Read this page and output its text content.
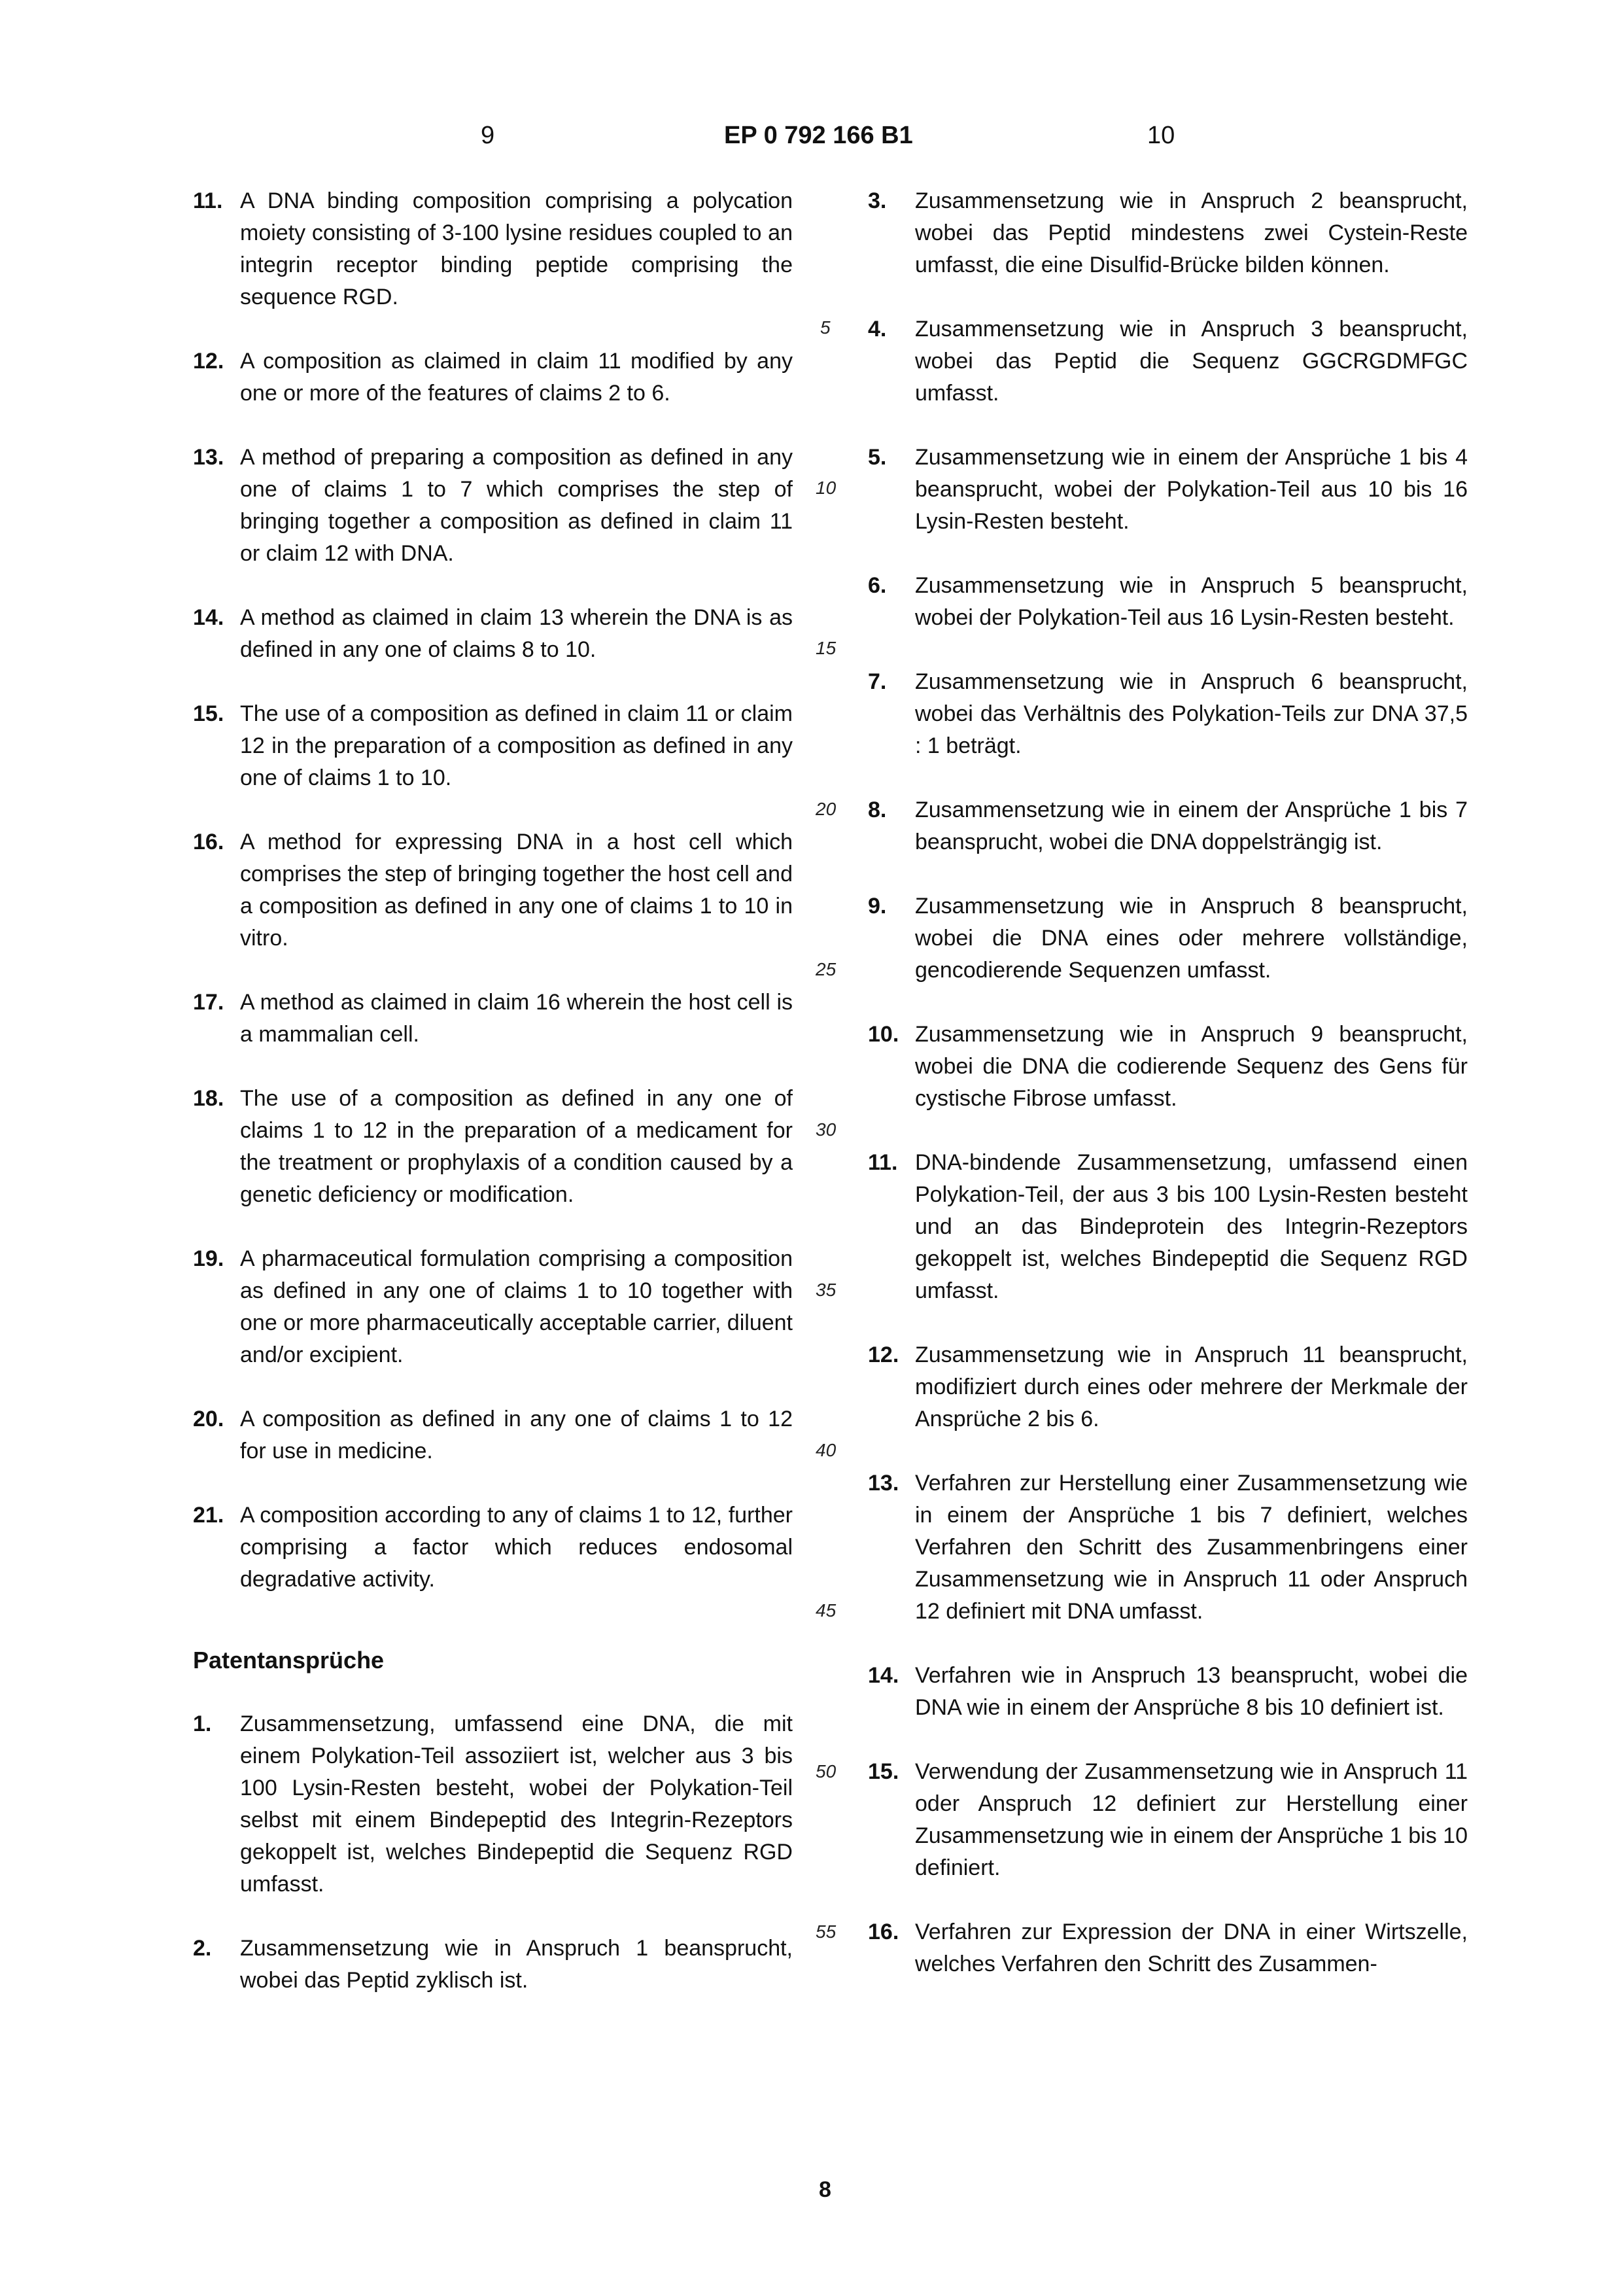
9	EP 0 792 166 B1	10
11. A DNA binding composition comprising a polycation moiety consisting of 3-100 lysine residues coupled to an integrin receptor binding peptide comprising the sequence RGD.
12. A composition as claimed in claim 11 modified by any one or more of the features of claims 2 to 6.
13. A method of preparing a composition as defined in any one of claims 1 to 7 which comprises the step of bringing together a composition as defined in claim 11 or claim 12 with DNA.
14. A method as claimed in claim 13 wherein the DNA is as defined in any one of claims 8 to 10.
15. The use of a composition as defined in claim 11 or claim 12 in the preparation of a composition as defined in any one of claims 1 to 10.
16. A method for expressing DNA in a host cell which comprises the step of bringing together the host cell and a composition as defined in any one of claims 1 to 10 in vitro.
17. A method as claimed in claim 16 wherein the host cell is a mammalian cell.
18. The use of a composition as defined in any one of claims 1 to 12 in the preparation of a medicament for the treatment or prophylaxis of a condition caused by a genetic deficiency or modification.
19. A pharmaceutical formulation comprising a composition as defined in any one of claims 1 to 10 together with one or more pharmaceutically acceptable carrier, diluent and/or excipient.
20. A composition as defined in any one of claims 1 to 12 for use in medicine.
21. A composition according to any of claims 1 to 12, further comprising a factor which reduces endosomal degradative activity.
Patentansprüche
1. Zusammensetzung, umfassend eine DNA, die mit einem Polykation-Teil assoziiert ist, welcher aus 3 bis 100 Lysin-Resten besteht, wobei der Polykation-Teil selbst mit einem Bindepeptid des Integrin-Rezeptors gekoppelt ist, welches Bindepeptid die Sequenz RGD umfasst.
2. Zusammensetzung wie in Anspruch 1 beansprucht, wobei das Peptid zyklisch ist.
5
10
15
20
25
30
35
40
45
50
55
3. Zusammensetzung wie in Anspruch 2 beansprucht, wobei das Peptid mindestens zwei Cystein-Reste umfasst, die eine Disulfid-Brücke bilden können.
4. Zusammensetzung wie in Anspruch 3 beansprucht, wobei das Peptid die Sequenz GGCRGDMFGC umfasst.
5. Zusammensetzung wie in einem der Ansprüche 1 bis 4 beansprucht, wobei der Polykation-Teil aus 10 bis 16 Lysin-Resten besteht.
6. Zusammensetzung wie in Anspruch 5 beansprucht, wobei der Polykation-Teil aus 16 Lysin-Resten besteht.
7. Zusammensetzung wie in Anspruch 6 beansprucht, wobei das Verhältnis des Polykation-Teils zur DNA 37,5 : 1 beträgt.
8. Zusammensetzung wie in einem der Ansprüche 1 bis 7 beansprucht, wobei die DNA doppelsträngig ist.
9. Zusammensetzung wie in Anspruch 8 beansprucht, wobei die DNA eines oder mehrere vollständige, gencodierende Sequenzen umfasst.
10. Zusammensetzung wie in Anspruch 9 beansprucht, wobei die DNA die codierende Sequenz des Gens für cystische Fibrose umfasst.
11. DNA-bindende Zusammensetzung, umfassend einen Polykation-Teil, der aus 3 bis 100 Lysin-Resten besteht und an das Bindeprotein des Integrin-Rezeptors gekoppelt ist, welches Bindepeptid die Sequenz RGD umfasst.
12. Zusammensetzung wie in Anspruch 11 beansprucht, modifiziert durch eines oder mehrere der Merkmale der Ansprüche 2 bis 6.
13. Verfahren zur Herstellung einer Zusammensetzung wie in einem der Ansprüche 1 bis 7 definiert, welches Verfahren den Schritt des Zusammenbringens einer Zusammensetzung wie in Anspruch 11 oder Anspruch 12 definiert mit DNA umfasst.
14. Verfahren wie in Anspruch 13 beansprucht, wobei die DNA wie in einem der Ansprüche 8 bis 10 definiert ist.
15. Verwendung der Zusammensetzung wie in Anspruch 11 oder Anspruch 12 definiert zur Herstellung einer Zusammensetzung wie in einem der Ansprüche 1 bis 10 definiert.
16. Verfahren zur Expression der DNA in einer Wirtszelle, welches Verfahren den Schritt des Zusammen-
8
